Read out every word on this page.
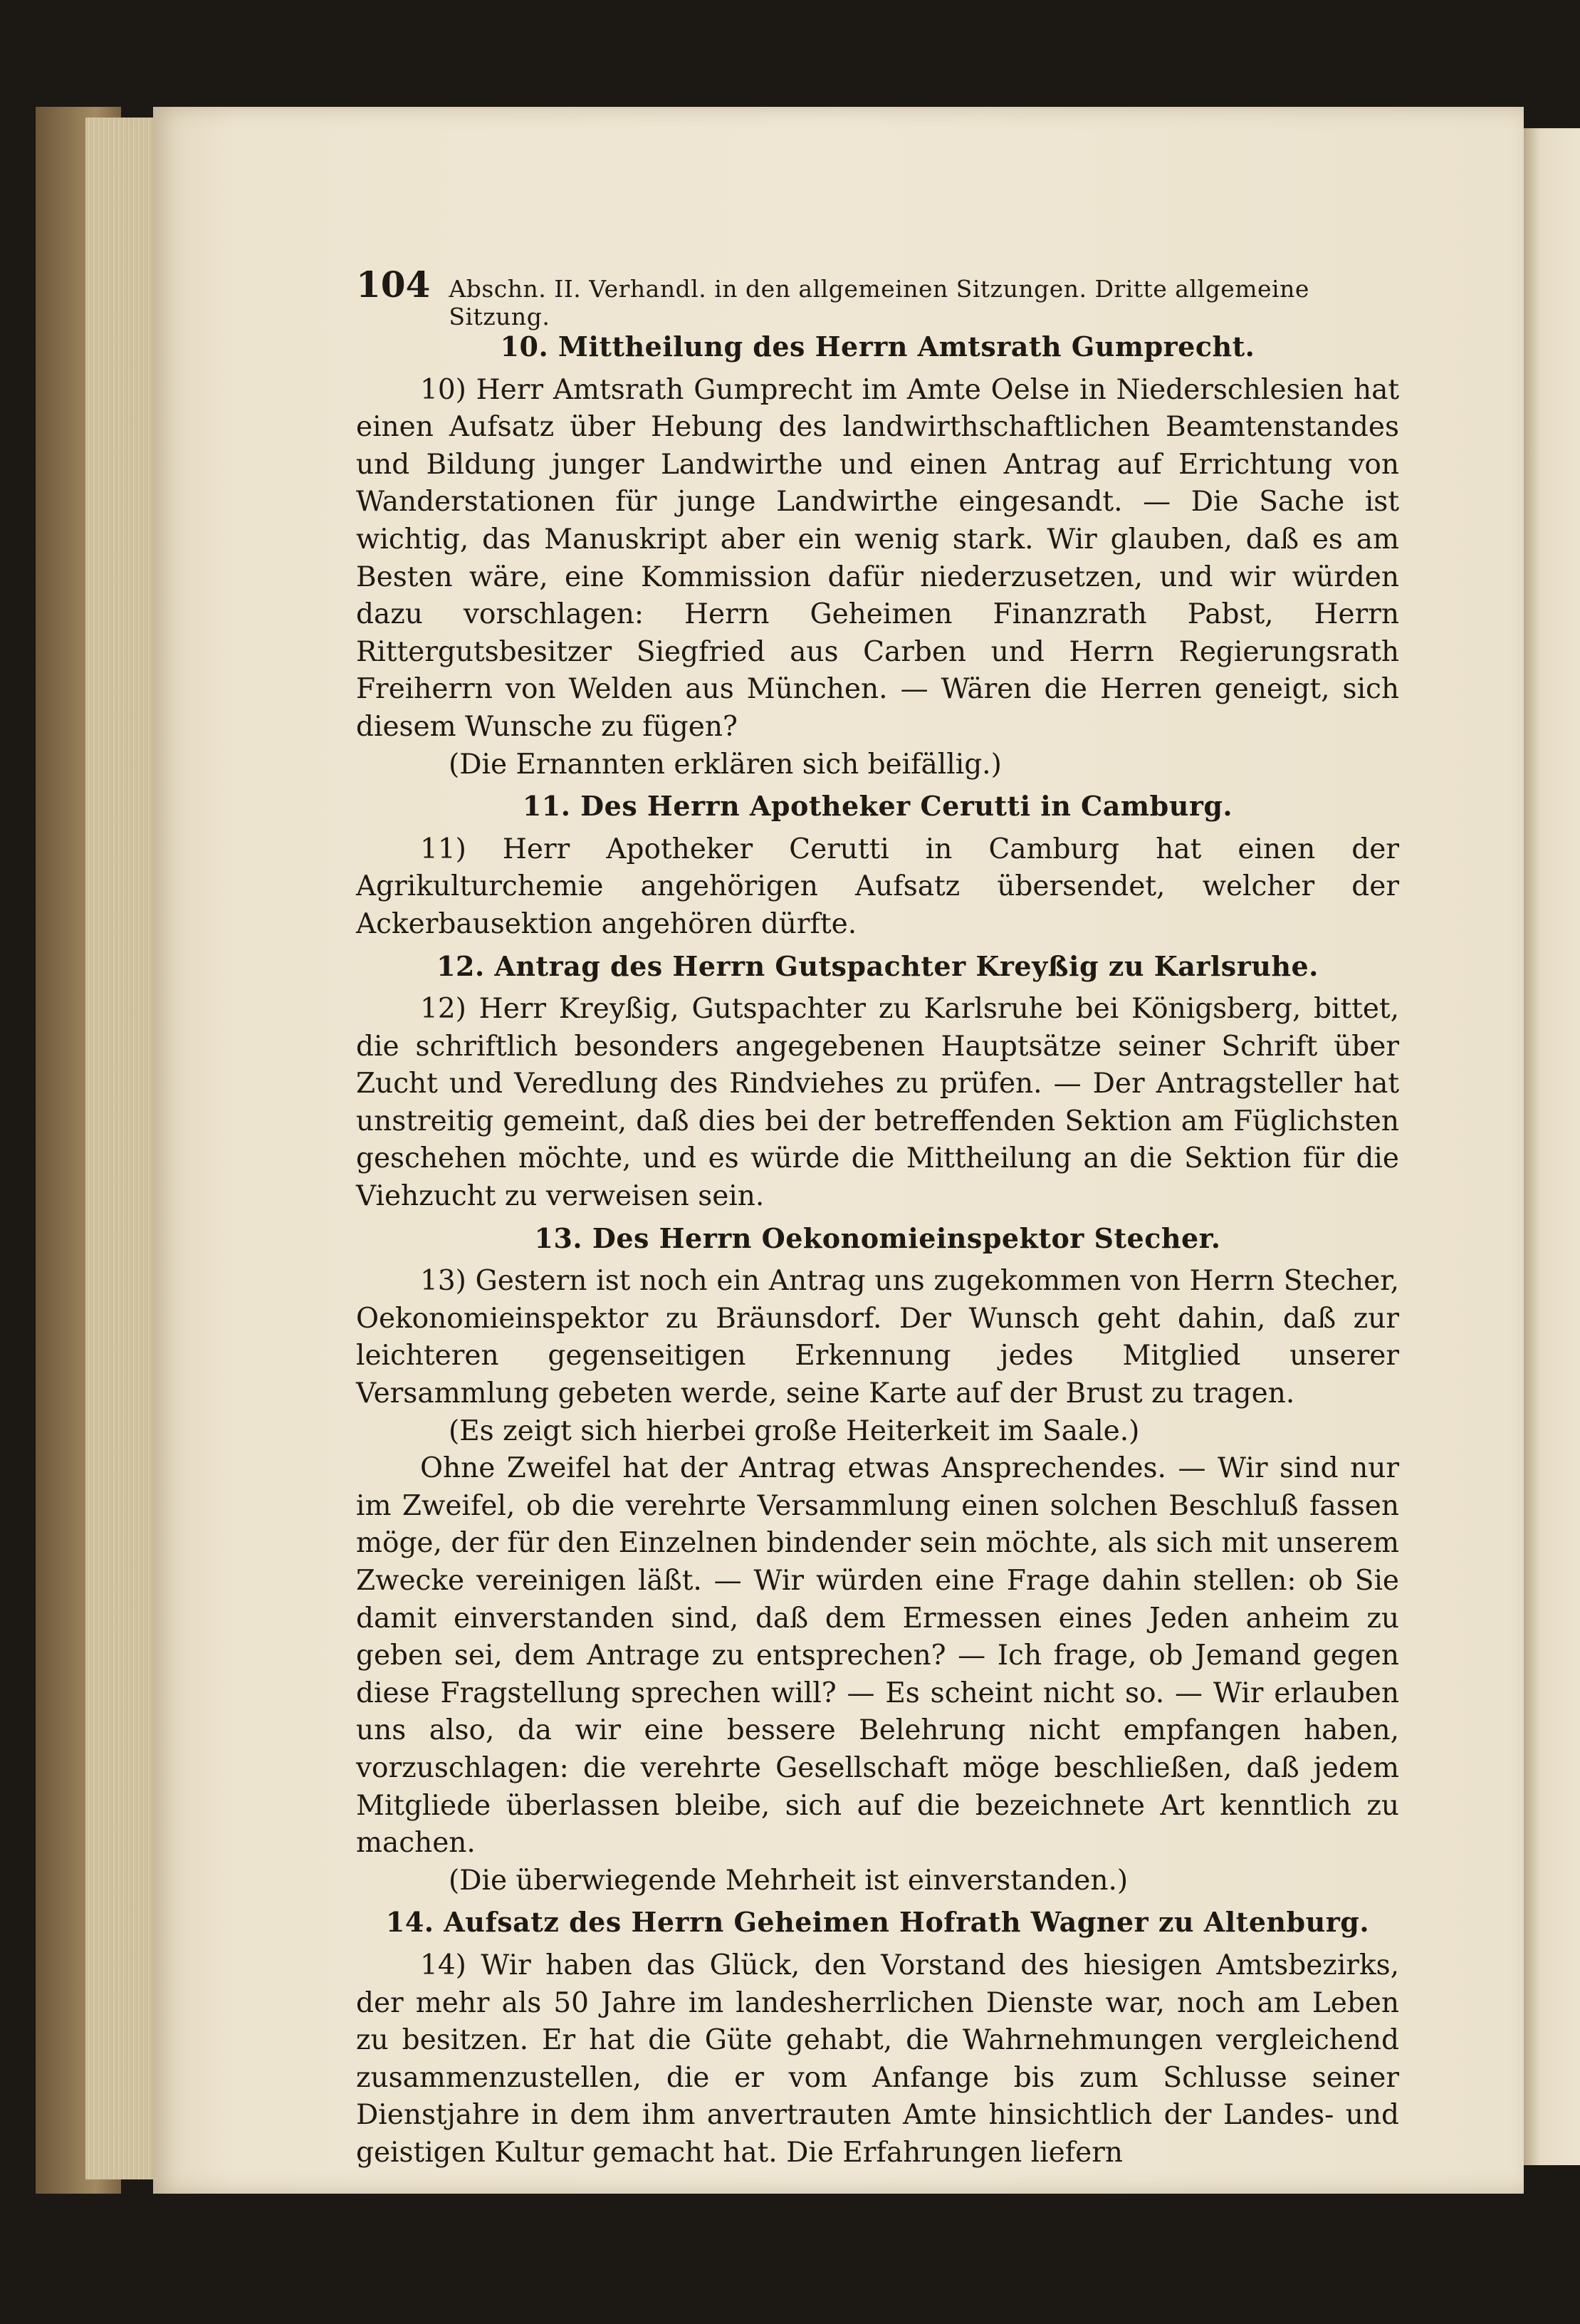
104 Abschn. II. Verhandl. in den allgemeinen Sitzungen. Dritte allgemeine Sitzung.
10. Mittheilung des Herrn Amtsrath Gumprecht.

10) Herr Amtsrath Gumprecht im Amte Oelse in Niederschlesien hat einen Aufsatz über Hebung des landwirthschaftlichen Beamtenstandes und Bildung junger Landwirthe und einen Antrag auf Errichtung von Wanderstationen für junge Landwirthe eingesandt. — Die Sache ist wichtig, das Manuskript aber ein wenig stark. Wir glauben, daß es am Besten wäre, eine Kommission dafür niederzusetzen, und wir würden dazu vorschlagen: Herrn Geheimen Finanzrath Pabst, Herrn Rittergutsbesitzer Siegfried aus Carben und Herrn Regierungsrath Freiherrn von Welden aus München. — Wären die Herren geneigt, sich diesem Wunsche zu fügen?

(Die Ernannten erklären sich beifällig.)

11. Des Herrn Apotheker Cerutti in Camburg.

11) Herr Apotheker Cerutti in Camburg hat einen der Agrikulturchemie angehörigen Aufsatz übersendet, welcher der Ackerbausektion angehören dürfte.

12. Antrag des Herrn Gutspachter Kreyßig zu Karlsruhe.

12) Herr Kreyßig, Gutspachter zu Karlsruhe bei Königsberg, bittet, die schriftlich besonders angegebenen Hauptsätze seiner Schrift über Zucht und Veredlung des Rindviehes zu prüfen. — Der Antragsteller hat unstreitig gemeint, daß dies bei der betreffenden Sektion am Füglichsten geschehen möchte, und es würde die Mittheilung an die Sektion für die Viehzucht zu verweisen sein.

13. Des Herrn Oekonomieinspektor Stecher.

13) Gestern ist noch ein Antrag uns zugekommen von Herrn Stecher, Oekonomieinspektor zu Bräunsdorf. Der Wunsch geht dahin, daß zur leichteren gegenseitigen Erkennung jedes Mitglied unserer Versammlung gebeten werde, seine Karte auf der Brust zu tragen.

(Es zeigt sich hierbei große Heiterkeit im Saale.)

Ohne Zweifel hat der Antrag etwas Ansprechendes. — Wir sind nur im Zweifel, ob die verehrte Versammlung einen solchen Beschluß fassen möge, der für den Einzelnen bindender sein möchte, als sich mit unserem Zwecke vereinigen läßt. — Wir würden eine Frage dahin stellen: ob Sie damit einverstanden sind, daß dem Ermessen eines Jeden anheim zu geben sei, dem Antrage zu entsprechen? — Ich frage, ob Jemand gegen diese Fragstellung sprechen will? — Es scheint nicht so. — Wir erlauben uns also, da wir eine bessere Belehrung nicht empfangen haben, vorzuschlagen: die verehrte Gesellschaft möge beschließen, daß jedem Mitgliede überlassen bleibe, sich auf die bezeichnete Art kenntlich zu machen.

(Die überwiegende Mehrheit ist einverstanden.)

14. Aufsatz des Herrn Geheimen Hofrath Wagner zu Altenburg.

14) Wir haben das Glück, den Vorstand des hiesigen Amtsbezirks, der mehr als 50 Jahre im landesherrlichen Dienste war, noch am Leben zu besitzen. Er hat die Güte gehabt, die Wahrnehmungen vergleichend zusammenzustellen, die er vom Anfange bis zum Schlusse seiner Dienstjahre in dem ihm anvertrauten Amte hinsichtlich der Landes- und geistigen Kultur gemacht hat. Die Erfahrungen liefern
